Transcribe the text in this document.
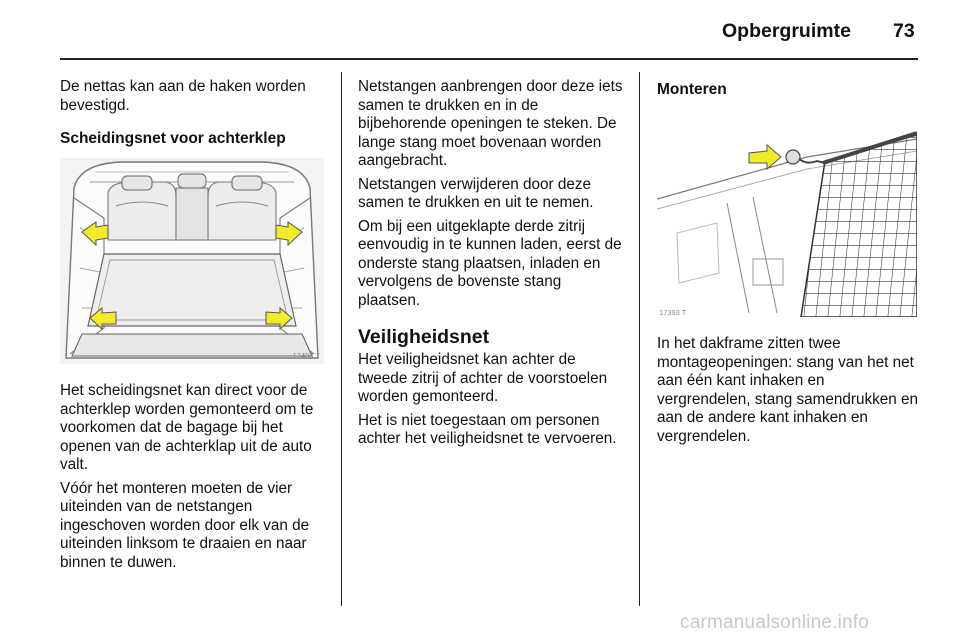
Opbergruimte 73

De nettas kan aan de haken worden bevestigd.

Scheidingsnet voor achterklep
17403 T

Het scheidingsnet kan direct voor de achterklep worden gemonteerd om te voorkomen dat de bagage bij het openen van de achterklap uit de auto valt.

Vóór het monteren moeten de vier uiteinden van de netstangen ingeschoven worden door elk van de uiteinden linksom te draaien en naar binnen te duwen.

Netstangen aanbrengen door deze iets samen te drukken en in de bijbehorende openingen te steken. De lange stang moet bovenaan worden aangebracht.

Netstangen verwijderen door deze samen te drukken en uit te nemen.

Om bij een uitgeklapte derde zitrij eenvoudig in te kunnen laden, eerst de onderste stang plaatsen, inladen en vervolgens de bovenste stang plaatsen.

Veiligheidsnet

Het veiligheidsnet kan achter de tweede zitrij of achter de voorstoelen worden gemonteerd.

Het is niet toegestaan om personen achter het veiligheidsnet te vervoeren.

Monteren
17393 T

In het dakframe zitten twee montageopeningen: stang van het net aan één kant inhaken en vergrendelen, stang samendrukken en aan de andere kant inhaken en vergrendelen.

carmanualsonline.info
